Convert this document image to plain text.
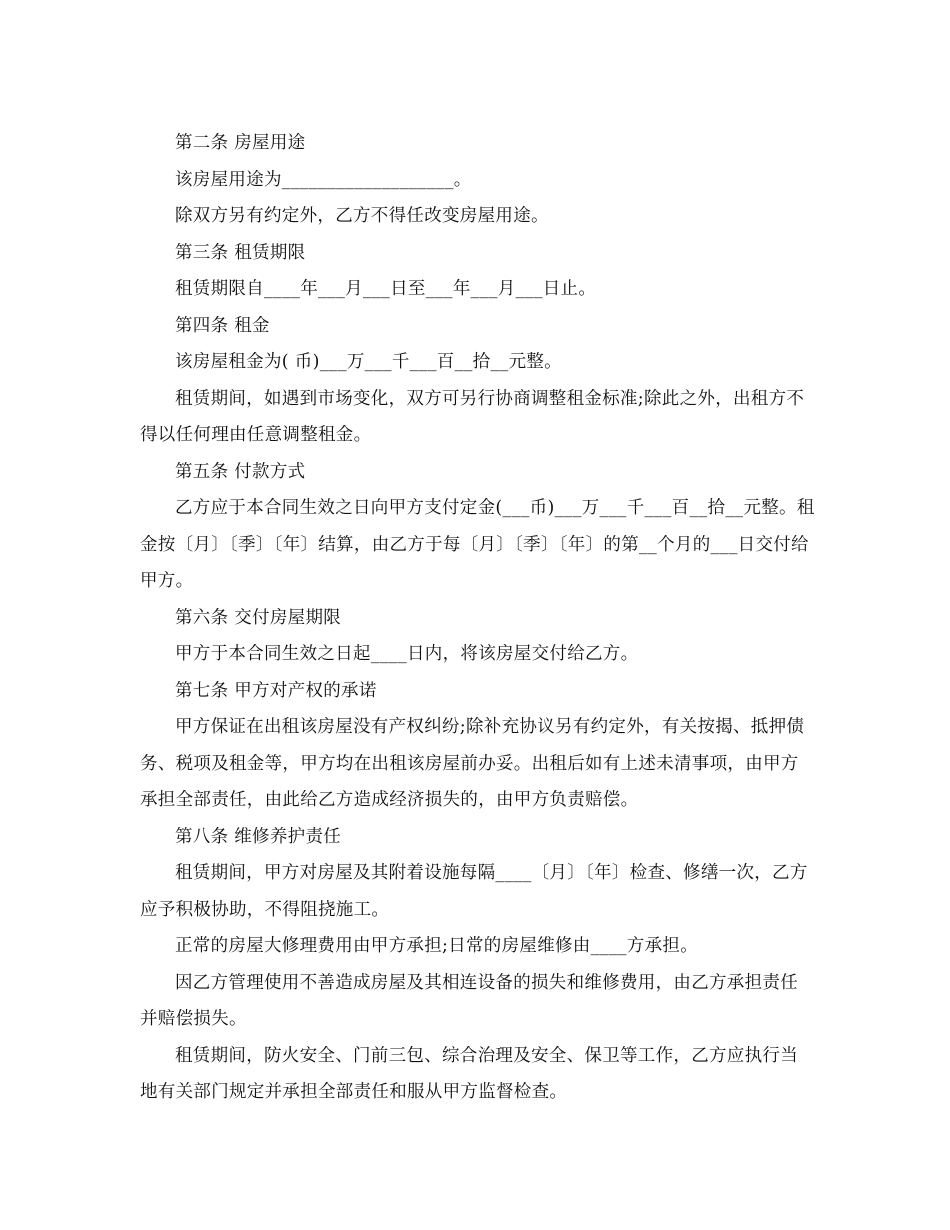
第二条 房屋用途

该房屋用途为___________________。

除双方另有约定外，乙方不得任改变房屋用途。

第三条 租赁期限

租赁期限自____年___月___日至___年___月___日止。

第四条 租金

该房屋租金为( 币)___万___千___百__拾__元整。

租赁期间，如遇到市场变化，双方可另行协商调整租金标准;除此之外，出租方不得以任何理由任意调整租金。

第五条 付款方式

乙方应于本合同生效之日向甲方支付定金(___币)___万___千___百__拾__元整。租金按〔月〕〔季〕〔年〕结算，由乙方于每〔月〕〔季〕〔年〕的第__个月的___日交付给甲方。

第六条 交付房屋期限

甲方于本合同生效之日起____日内，将该房屋交付给乙方。

第七条 甲方对产权的承诺

甲方保证在出租该房屋没有产权纠纷;除补充协议另有约定外，有关按揭、抵押债务、税项及租金等，甲方均在出租该房屋前办妥。出租后如有上述未清事项，由甲方承担全部责任，由此给乙方造成经济损失的，由甲方负责赔偿。

第八条 维修养护责任

租赁期间，甲方对房屋及其附着设施每隔____〔月〕〔年〕检查、修缮一次，乙方应予积极协助，不得阻挠施工。

正常的房屋大修理费用由甲方承担;日常的房屋维修由____方承担。

因乙方管理使用不善造成房屋及其相连设备的损失和维修费用，由乙方承担责任并赔偿损失。

租赁期间，防火安全、门前三包、综合治理及安全、保卫等工作，乙方应执行当地有关部门规定并承担全部责任和服从甲方监督检查。
